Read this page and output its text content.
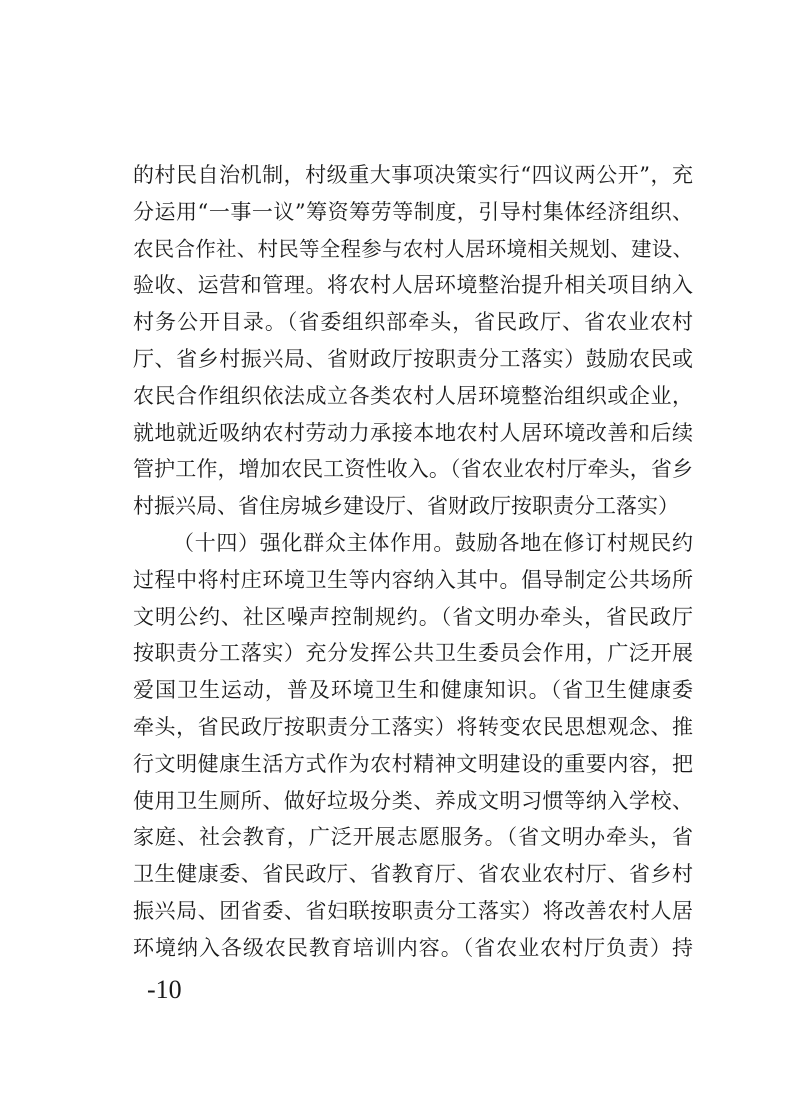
的村民自治机制，村级重大事项决策实行“四议两公开”，充
分运用“一事一议”筹资筹劳等制度，引导村集体经济组织、
农民合作社、村民等全程参与农村人居环境相关规划、建设、
验收、运营和管理。将农村人居环境整治提升相关项目纳入
村务公开目录。（省委组织部牵头，省民政厅、省农业农村
厅、省乡村振兴局、省财政厅按职责分工落实）鼓励农民或
农民合作组织依法成立各类农村人居环境整治组织或企业，
就地就近吸纳农村劳动力承接本地农村人居环境改善和后续
管护工作，增加农民工资性收入。（省农业农村厅牵头，省乡
村振兴局、省住房城乡建设厅、省财政厅按职责分工落实）
（十四）强化群众主体作用。鼓励各地在修订村规民约
过程中将村庄环境卫生等内容纳入其中。倡导制定公共场所
文明公约、社区噪声控制规约。（省文明办牵头，省民政厅
按职责分工落实）充分发挥公共卫生委员会作用，广泛开展
爱国卫生运动，普及环境卫生和健康知识。（省卫生健康委
牵头，省民政厅按职责分工落实）将转变农民思想观念、推
行文明健康生活方式作为农村精神文明建设的重要内容，把
使用卫生厕所、做好垃圾分类、养成文明习惯等纳入学校、
家庭、社会教育，广泛开展志愿服务。（省文明办牵头，省
卫生健康委、省民政厅、省教育厅、省农业农村厅、省乡村
振兴局、团省委、省妇联按职责分工落实）将改善农村人居
环境纳入各级农民教育培训内容。（省农业农村厅负责）持
-10
